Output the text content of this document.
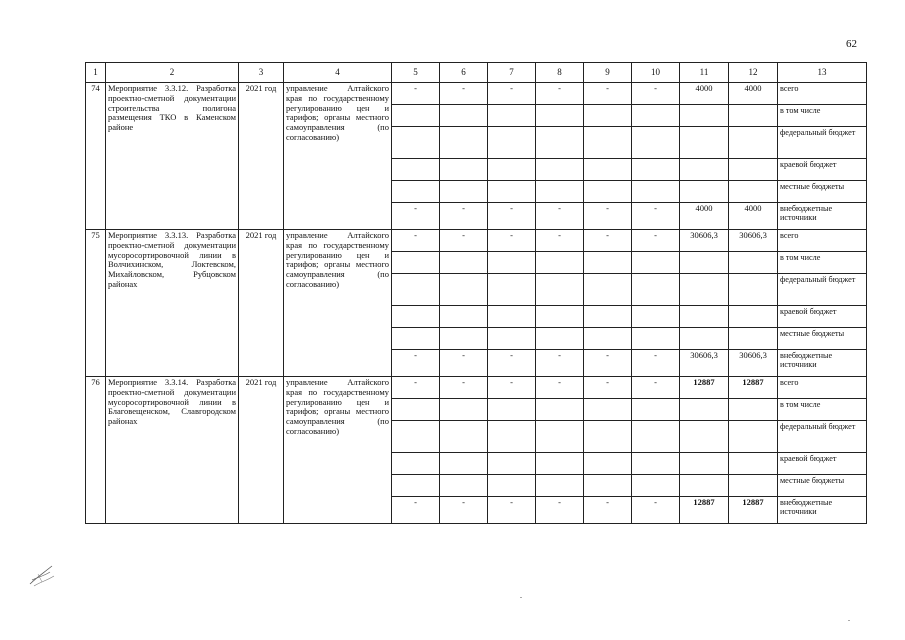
62
1	2	3	4	5	6	7	8	9	10	11	12	13
74	Мероприятие 3.3.12. Разработка проектно-сметной документации строительства полигона размещения ТКО в Каменском районе	2021 год	управление Алтайского края по государственному регулированию цен и тарифов; органы местного самоуправления (по согласованию)	-	-	-	-	-	-	4000	4000	всего
												в том числе
												федеральный бюджет
												краевой бюджет
												местные бюджеты
				-	-	-	-	-	-	4000	4000	внебюджетные источники
75	Мероприятие 3.3.13. Разработка проектно-сметной документации мусоросортировочной линии в Волчихинском, Локтевском, Михайловском, Рубцовском районах	2021 год	управление Алтайского края по государственному регулированию цен и тарифов; органы местного самоуправления (по согласованию)	-	-	-	-	-	-	30606,3	30606,3	всего
												в том числе
												федеральный бюджет
												краевой бюджет
												местные бюджеты
				-	-	-	-	-	-	30606,3	30606,3	внебюджетные источники
76	Мероприятие 3.3.14. Разработка проектно-сметной документации мусоросортировочной линии в Благовещенском, Славгородском районах	2021 год	управление Алтайского края по государственному регулированию цен и тарифов; органы местного самоуправления (по согласованию)	-	-	-	-	-	-	12887	12887	всего
												в том числе
												федеральный бюджет
												краевой бюджет
												местные бюджеты
				-	-	-	-	-	-	12887	12887	внебюджетные источники
